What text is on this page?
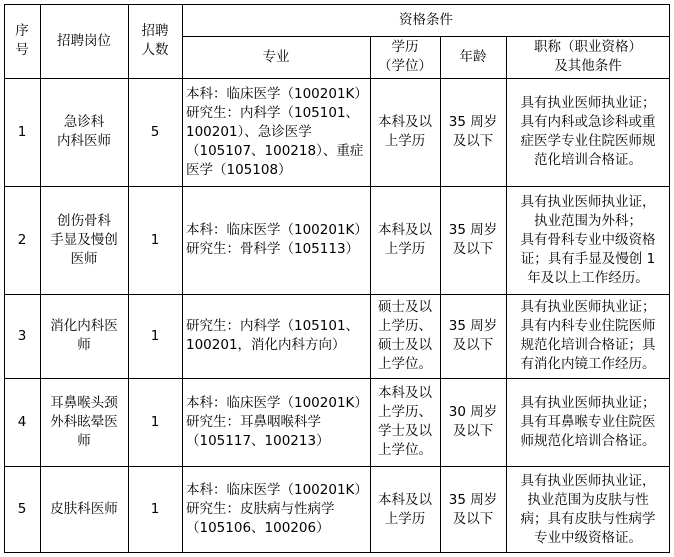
序
号
招聘岗位
招聘
人数
资格条件
专业
学历
（学位）
年龄
职称（职业资格）
及其他条件
1
急诊科
内科医师
5
本科：临床医学（100201K）
研究生：内科学（105101、
100201）、急诊医学
（105107、100218）、重症
医学（105108）
本科及以
上学历
35 周岁
及以下
具有执业医师执业证；
具有内科或急诊科或重
症医学专业住院医师规
范化培训合格证。
2
创伤骨科
手显及慢创
医师
1
本科：临床医学（100201K）
研究生：骨科学（105113）
本科及以
上学历
35 周岁
及以下
具有执业医师执业证，
执业范围为外科；
具有骨科专业中级资格
证；具有手显及慢创 1
年及以上工作经历。
3
消化内科医
师
1
研究生：内科学（105101、
100201，消化内科方向）
硕士及以
上学历、
硕士及以
上学位。
35 周岁
及以下
具有执业医师执业证；
具有内科专业住院医师
规范化培训合格证；具
有消化内镜工作经历。
4
耳鼻喉头颈
外科眩晕医
师
1
本科：临床医学（100201K）
研究生：耳鼻咽喉科学
（105117、100213）
本科及以
上学历、
学士及以
上学位。
30 周岁
及以下
具有执业医师执业证；
具有耳鼻喉专业住院医
师规范化培训合格证。
5 皮肤科医师 1
本科：临床医学（100201K）
研究生：皮肤病与性病学
（105106、100206）
本科及以
上学历
35 周岁
及以下
具有执业医师执业证，
执业范围为皮肤与性
病；具有皮肤与性病学
专业中级资格证。
